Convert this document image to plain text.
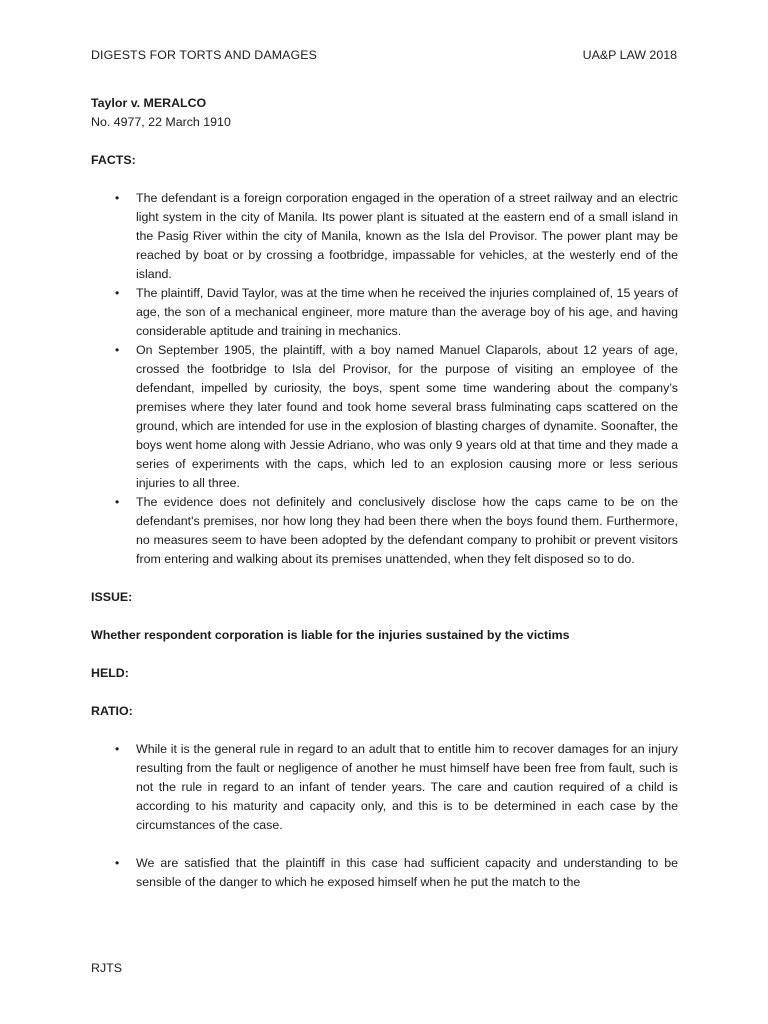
DIGESTS FOR TORTS AND DAMAGES	UA&P LAW 2018

Taylor v. MERALCO

No. 4977, 22 March 1910

FACTS:

• The defendant is a foreign corporation engaged in the operation of a street railway and an electric light system in the city of Manila. Its power plant is situated at the eastern end of a small island in the Pasig River within the city of Manila, known as the Isla del Provisor. The power plant may be reached by boat or by crossing a footbridge, impassable for vehicles, at the westerly end of the island.
• The plaintiff, David Taylor, was at the time when he received the injuries complained of, 15 years of age, the son of a mechanical engineer, more mature than the average boy of his age, and having considerable aptitude and training in mechanics.
• On September 1905, the plaintiff, with a boy named Manuel Claparols, about 12 years of age, crossed the footbridge to Isla del Provisor, for the purpose of visiting an employee of the defendant, impelled by curiosity, the boys, spent some time wandering about the company’s premises where they later found and took home several brass fulminating caps scattered on the ground, which are intended for use in the explosion of blasting charges of dynamite. Soonafter, the boys went home along with Jessie Adriano, who was only 9 years old at that time and they made a series of experiments with the caps, which led to an explosion causing more or less serious injuries to all three.
• The evidence does not definitely and conclusively disclose how the caps came to be on the defendant's premises, nor how long they had been there when the boys found them. Furthermore, no measures seem to have been adopted by the defendant company to prohibit or prevent visitors from entering and walking about its premises unattended, when they felt disposed so to do.

ISSUE:

Whether respondent corporation is liable for the injuries sustained by the victims

HELD:

RATIO:

• While it is the general rule in regard to an adult that to entitle him to recover damages for an injury resulting from the fault or negligence of another he must himself have been free from fault, such is not the rule in regard to an infant of tender years. The care and caution required of a child is according to his maturity and capacity only, and this is to be determined in each case by the circumstances of the case.
• We are satisfied that the plaintiff in this case had sufficient capacity and understanding to be sensible of the danger to which he exposed himself when he put the match to the
RJTS
